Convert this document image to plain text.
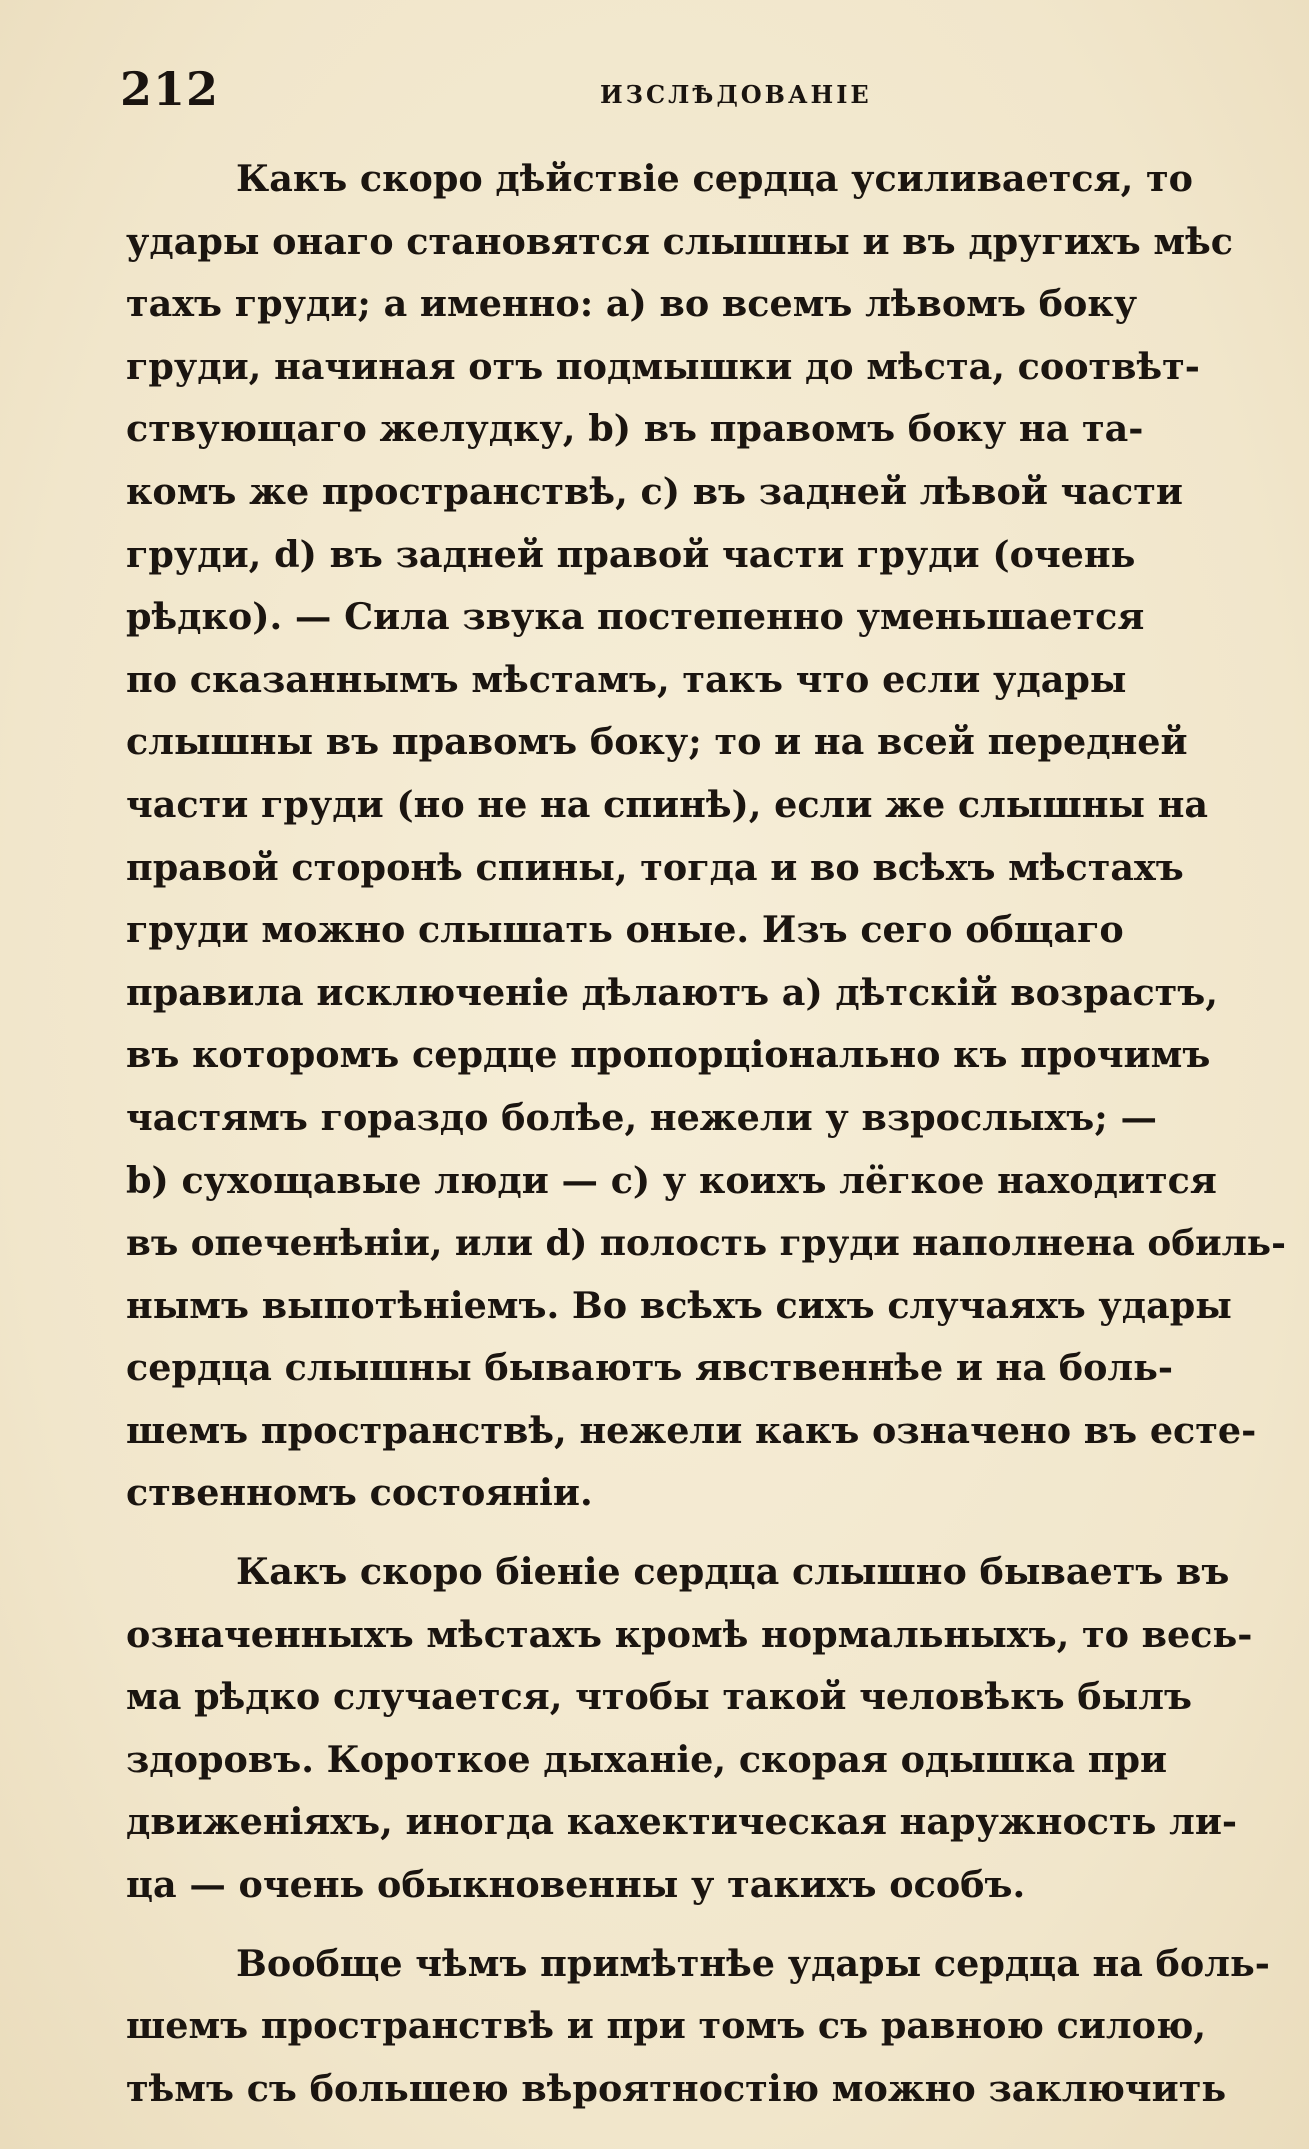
212	ИЗСЛѢДОВАНІЕ
Какъ скоро дѣйствіе сердца усиливается, то
удары онаго становятся слышны и въ другихъ мѣс
тахъ груди; а именно: a) во всемъ лѣвомъ боку
груди, начиная отъ подмышки до мѣста, соотвѣт-
ствующаго желудку, b) въ правомъ боку на та-
комъ же пространствѣ, c) въ задней лѣвой части
груди, d) въ задней правой части груди (очень
рѣдко). — Сила звука постепенно уменьшается
по сказаннымъ мѣстамъ, такъ что если удары
слышны въ правомъ боку; то и на всей передней
части груди (но не на спинѣ), если же слышны на
правой сторонѣ спины, тогда и во всѣхъ мѣстахъ
груди можно слышать оные. Изъ сего общаго
правила исключеніе дѣлаютъ a) дѣтскій возрастъ,
въ которомъ сердце пропорціонально къ прочимъ
частямъ гораздо болѣе, нежели у взрослыхъ; —
b) сухощавые люди — c) у коихъ лёгкое находится
въ опеченѣніи, или d) полость груди наполнена обиль-
нымъ выпотѣніемъ. Во всѣхъ сихъ случаяхъ удары
сердца слышны бываютъ явственнѣе и на боль-
шемъ пространствѣ, нежели какъ означено въ есте-
ственномъ состояніи.
Какъ скоро біеніе сердца слышно бываетъ въ
означенныхъ мѣстахъ кромѣ нормальныхъ, то весь-
ма рѣдко случается, чтобы такой человѣкъ былъ
здоровъ. Короткое дыханіе, скорая одышка при
движеніяхъ, иногда кахектическая наружность ли-
ца — очень обыкновенны у такихъ особъ.
Вообще чѣмъ примѣтнѣе удары сердца на боль-
шемъ пространствѣ и при томъ съ равною силою,
тѣмъ съ большею вѣроятностію можно заключить
